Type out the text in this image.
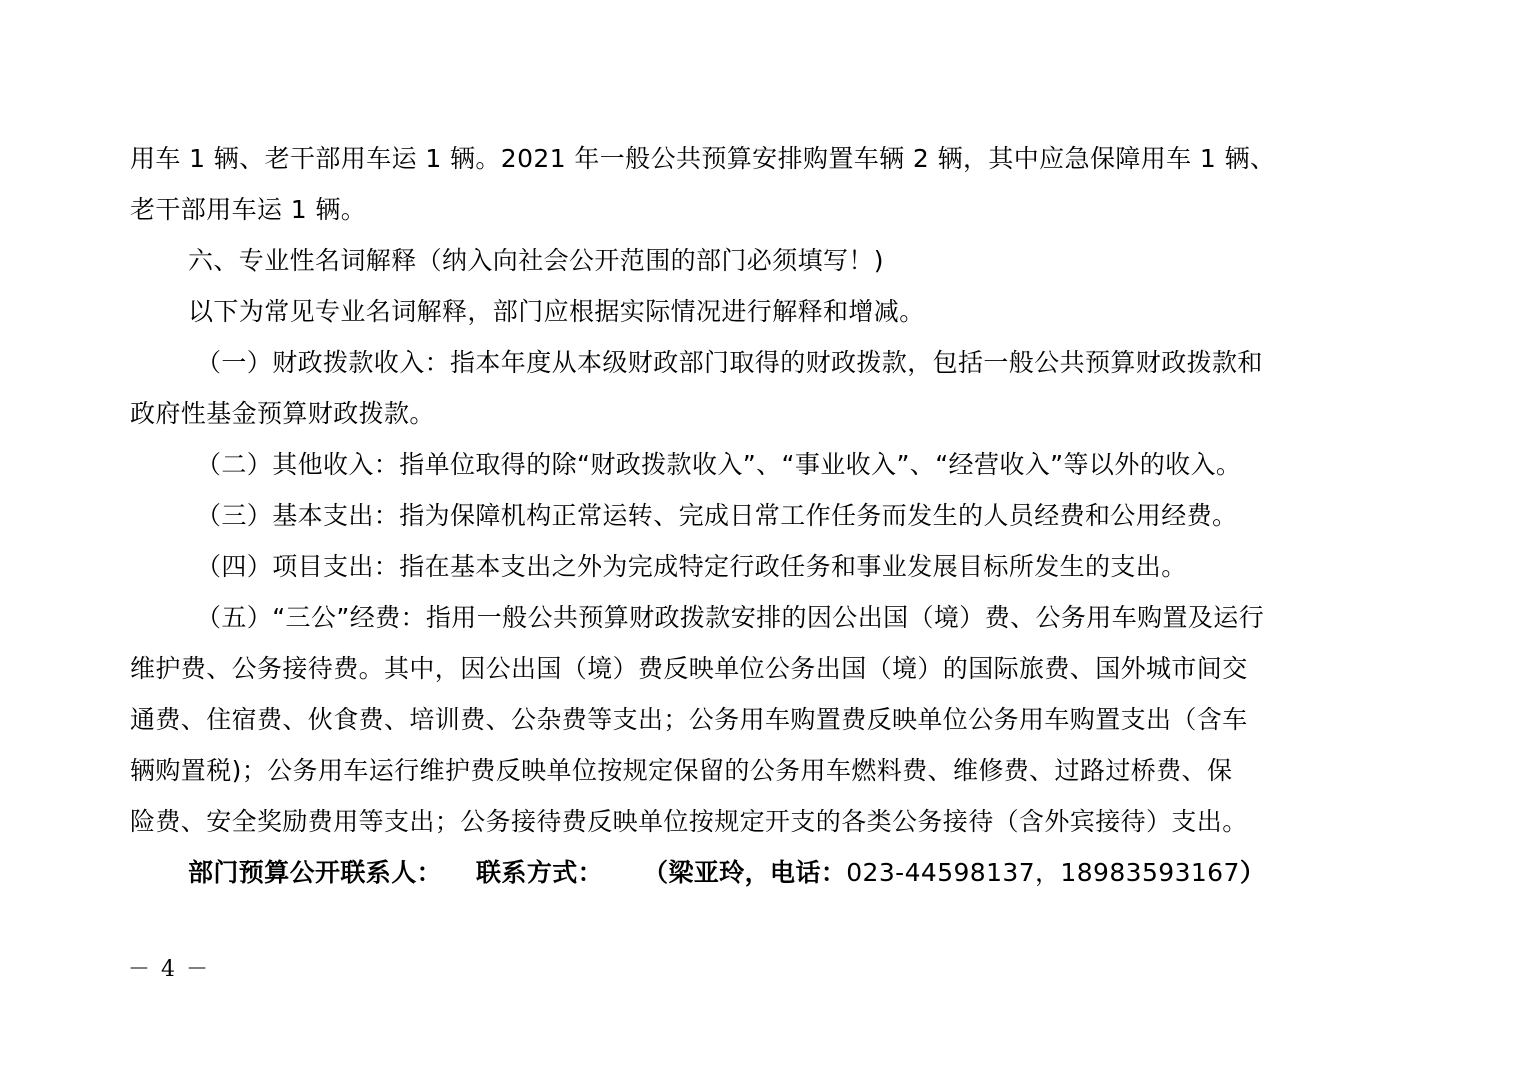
用车 1 辆、老干部用车运 1 辆。2021 年一般公共预算安排购置车辆 2 辆，其中应急保障用车 1 辆、
老干部用车运 1 辆。
六、专业性名词解释（纳入向社会公开范围的部门必须填写！)
以下为常见专业名词解释，部门应根据实际情况进行解释和增减。
（一）财政拨款收入：指本年度从本级财政部门取得的财政拨款，包括一般公共预算财政拨款和
政府性基金预算财政拨款。
（二）其他收入：指单位取得的除“财政拨款收入”、“事业收入”、“经营收入”等以外的收入。
（三）基本支出：指为保障机构正常运转、完成日常工作任务而发生的人员经费和公用经费。
（四）项目支出：指在基本支出之外为完成特定行政任务和事业发展目标所发生的支出。
（五）“三公”经费：指用一般公共预算财政拨款安排的因公出国（境）费、公务用车购置及运行
维护费、公务接待费。其中，因公出国（境）费反映单位公务出国（境）的国际旅费、国外城市间交
通费、住宿费、伙食费、培训费、公杂费等支出；公务用车购置费反映单位公务用车购置支出（含车
辆购置税)；公务用车运行维护费反映单位按规定保留的公务用车燃料费、维修费、过路过桥费、保
险费、安全奖励费用等支出；公务接待费反映单位按规定开支的各类公务接待（含外宾接待）支出。
部门预算公开联系人： 联系方式： （梁亚玲，电话：023-44598137，18983593167）
－ 4 －
